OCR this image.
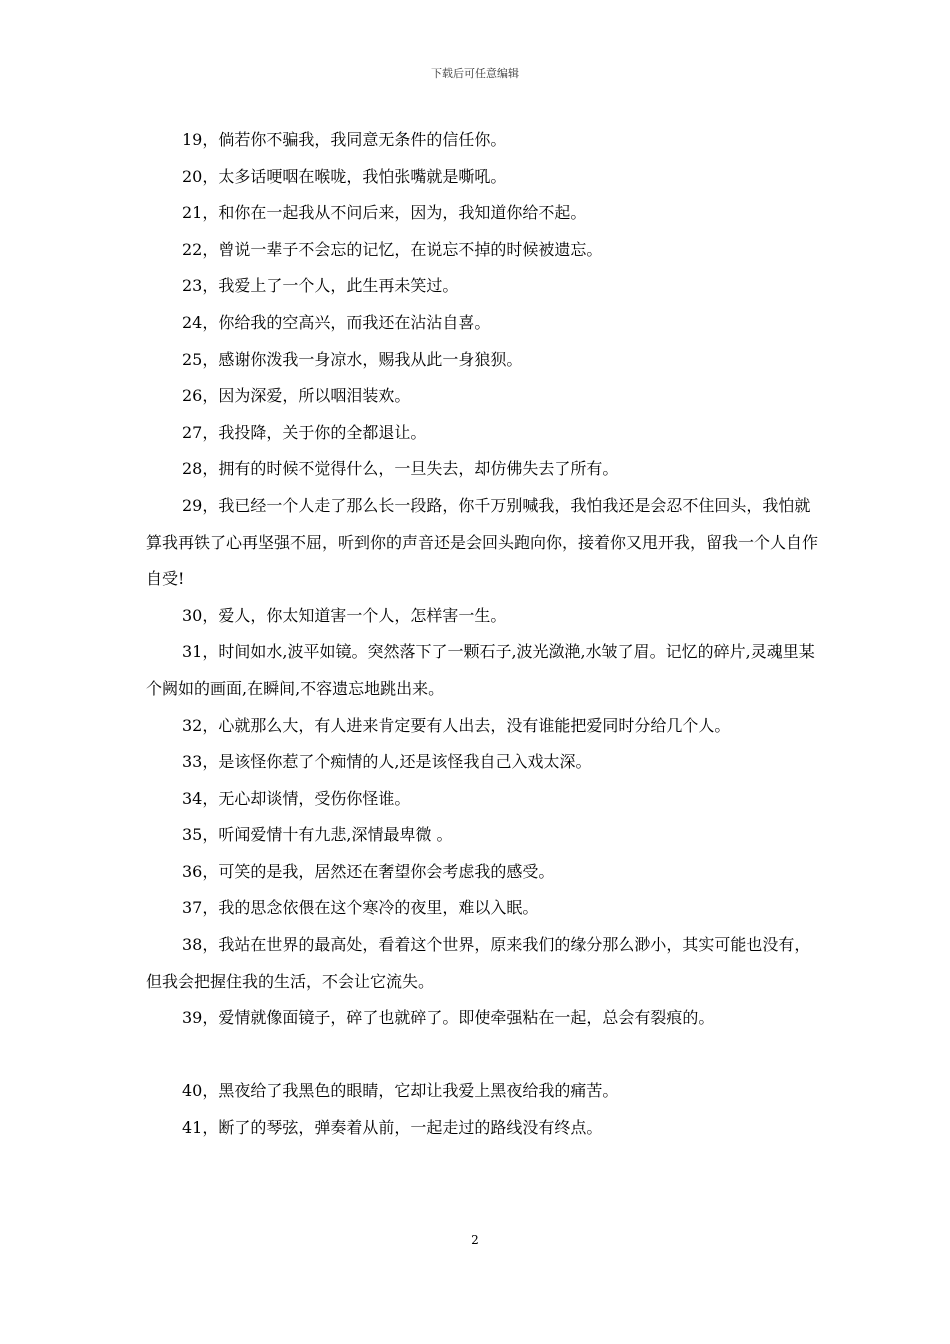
下载后可任意编辑

19，倘若你不骗我，我同意无条件的信任你。

20，太多话哽咽在喉咙，我怕张嘴就是嘶吼。

21，和你在一起我从不问后来，因为，我知道你给不起。

22，曾说一辈子不会忘的记忆，在说忘不掉的时候被遗忘。

23，我爱上了一个人，此生再未笑过。

24，你给我的空高兴，而我还在沾沾自喜。

25，感谢你泼我一身凉水，赐我从此一身狼狈。

26，因为深爱，所以咽泪装欢。

27，我投降，关于你的全都退让。

28，拥有的时候不觉得什么，一旦失去，却仿佛失去了所有。

29，我已经一个人走了那么长一段路，你千万别喊我，我怕我还是会忍不住回头，我怕就算我再铁了心再坚强不屈，听到你的声音还是会回头跑向你，接着你又甩开我，留我一个人自作自受!

30，爱人，你太知道害一个人，怎样害一生。

31，时间如水,波平如镜。突然落下了一颗石子,波光潋滟,水皱了眉。记忆的碎片,灵魂里某个阙如的画面,在瞬间,不容遗忘地跳出来。

32，心就那么大，有人进来肯定要有人出去，没有谁能把爱同时分给几个人。

33，是该怪你惹了个痴情的人,还是该怪我自己入戏太深。

34，无心却谈情，受伤你怪谁。

35，听闻爱情十有九悲,深情最卑微 。

36，可笑的是我，居然还在奢望你会考虑我的感受。

37，我的思念依偎在这个寒冷的夜里，难以入眠。

38，我站在世界的最高处，看着这个世界，原来我们的缘分那么渺小，其实可能也没有，但我会把握住我的生活，不会让它流失。

39，爱情就像面镜子，碎了也就碎了。即使牵强粘在一起，总会有裂痕的。

40，黑夜给了我黑色的眼睛，它却让我爱上黑夜给我的痛苦。

41，断了的琴弦，弹奏着从前，一起走过的路线没有终点。

2
